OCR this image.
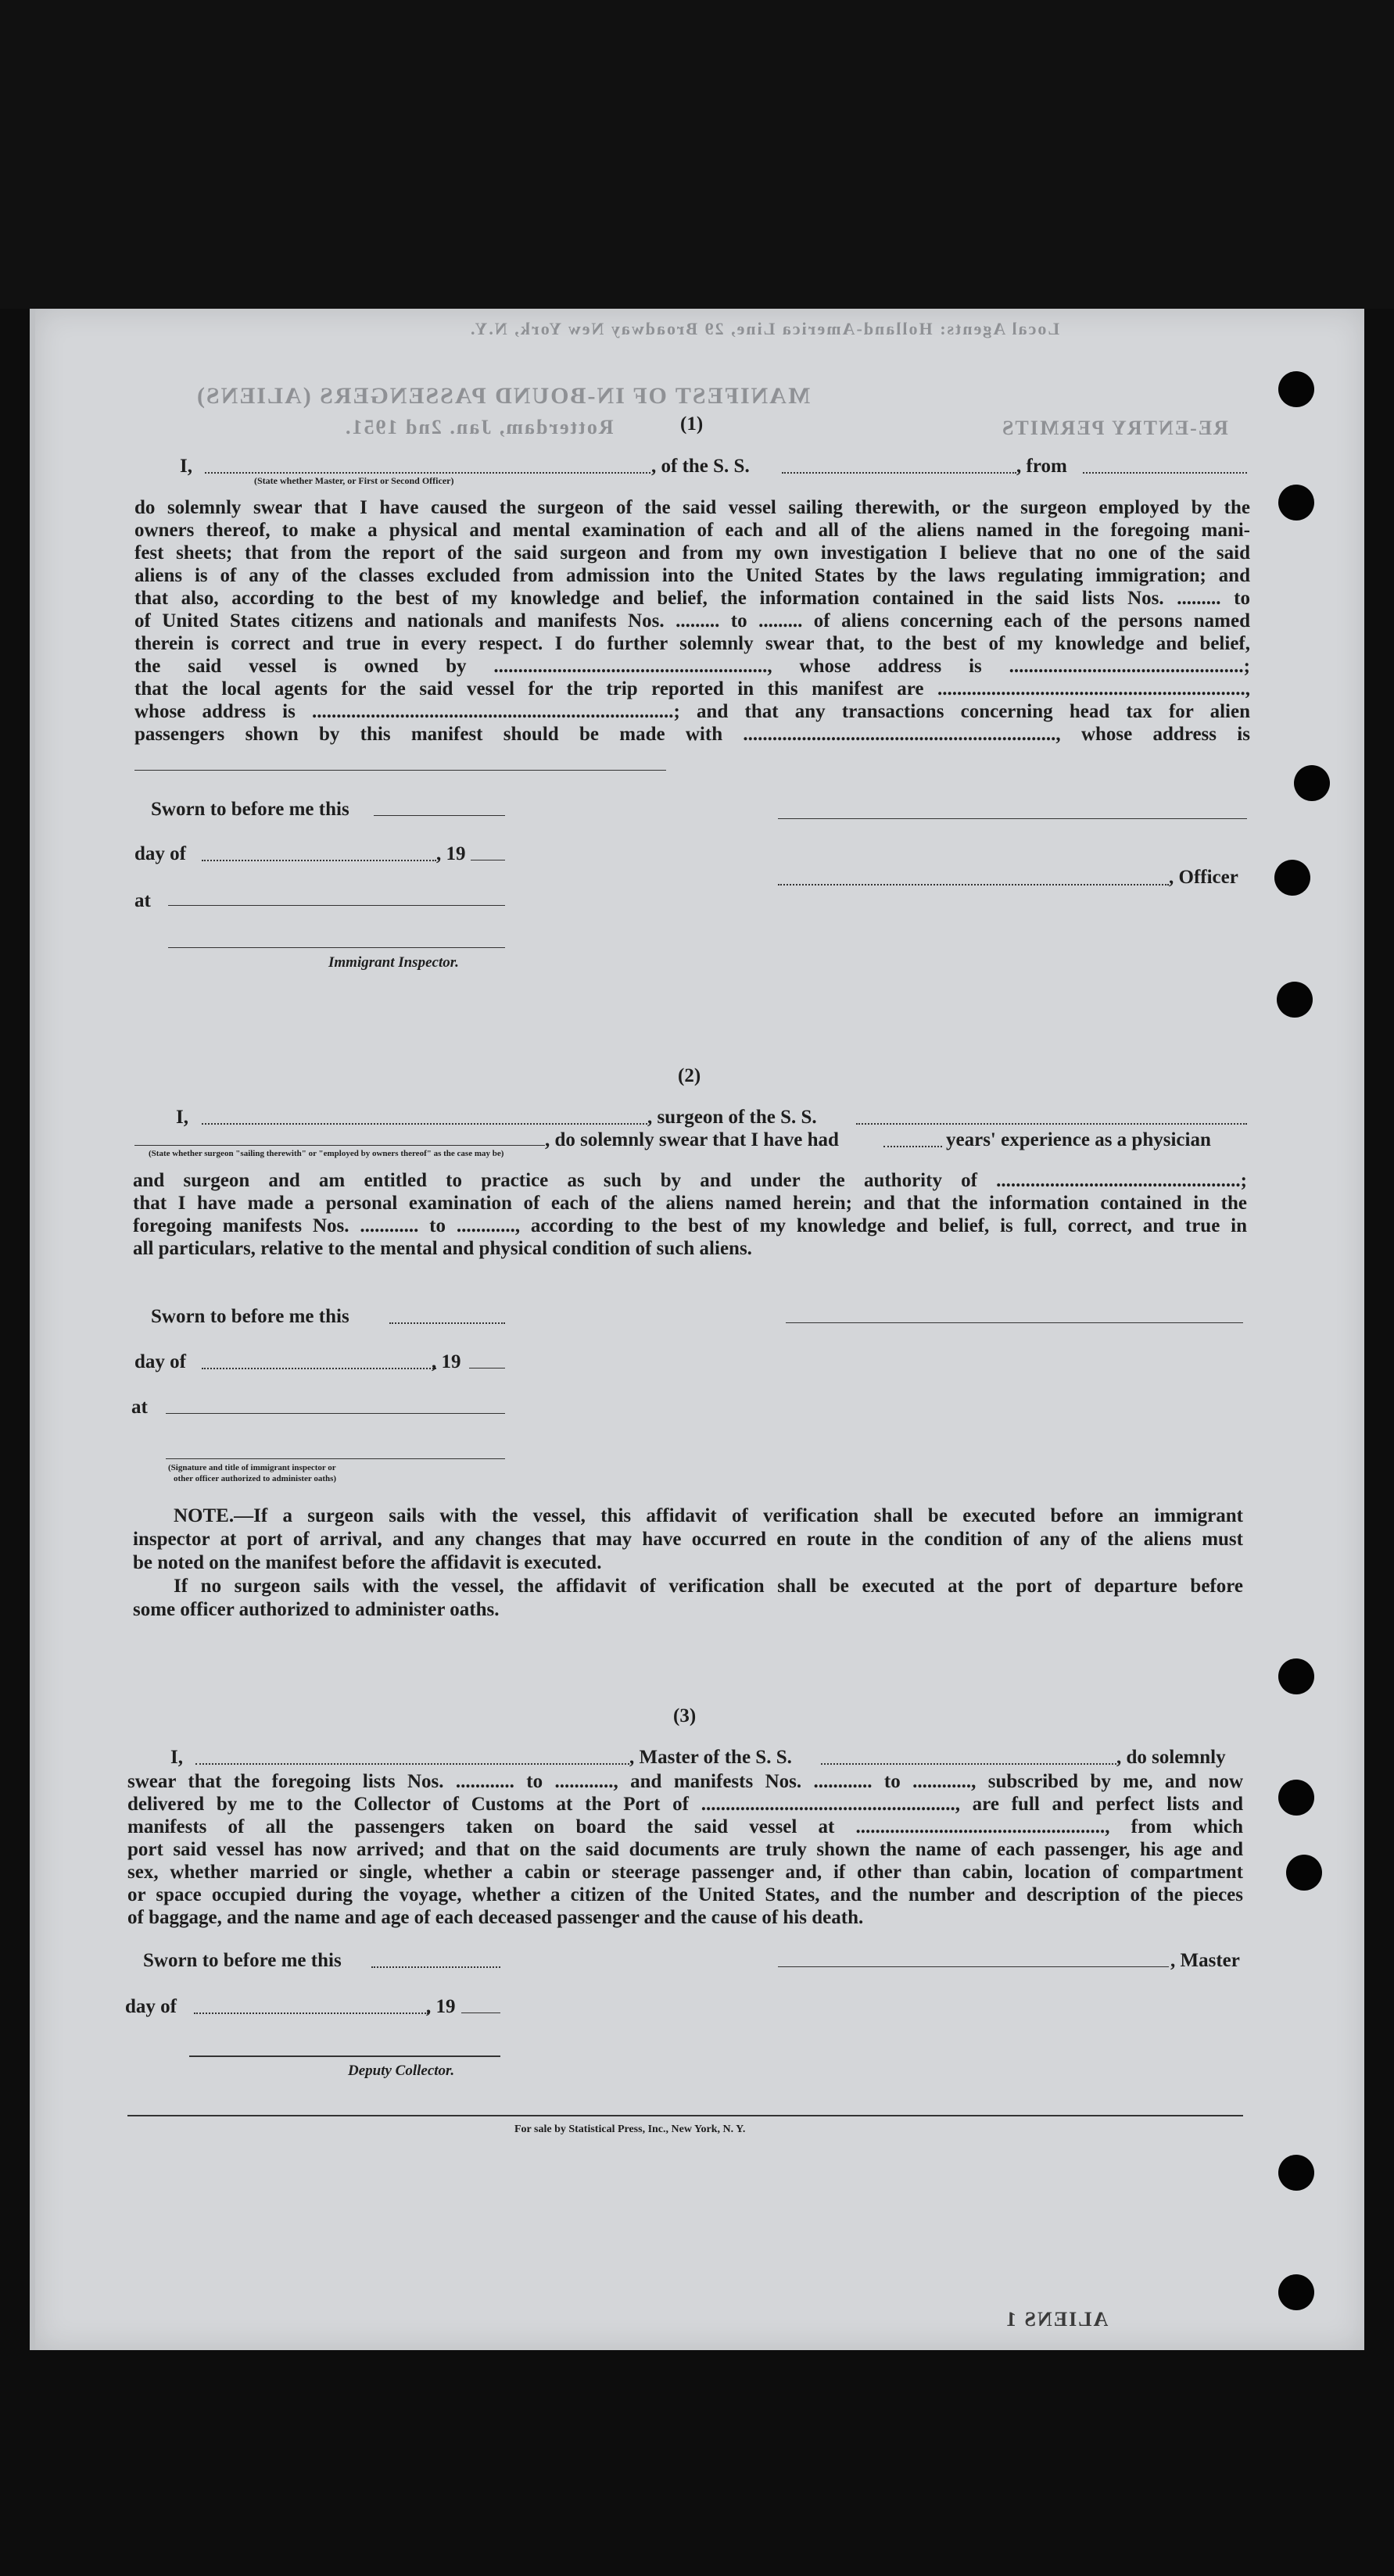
Local Agents: Holland-America Line, 29 Broadway New York, N.Y.
MANIFEST OF IN-BOUND PASSENGERS (ALIENS)
Rotterdam, Jan. 2nd 1951.	RE-ENTRY PERMITS
(1)
I,	, of the S. S.	, from
(State whether Master, or First or Second Officer)
do solemnly swear that I have caused the surgeon of the said vessel sailing therewith, or the surgeon employed by the
owners thereof, to make a physical and mental examination of each and all of the aliens named in the foregoing mani-
fest sheets; that from the report of the said surgeon and from my own investigation I believe that no one of the said
aliens is of any of the classes excluded from admission into the United States by the laws regulating immigration; and
that also, according to the best of my knowledge and belief, the information contained in the said lists Nos. ......... to
of United States citizens and nationals and manifests Nos. ......... to ......... of aliens concerning each of the persons named
therein is correct and true in every respect. I do further solemnly swear that, to the best of my knowledge and belief,
the said vessel is owned by ........................................................, whose address is ................................................;
that the local agents for the said vessel for the trip reported in this manifest are ...............................................................,
whose address is ..........................................................................; and that any transactions concerning head tax for alien
passengers shown by this manifest should be made with ................................................................, whose address is
Sworn to before me this
day of	, 19
, Officer
at
Immigrant Inspector.
(2)
I,	, surgeon of the S. S.
, do solemnly swear that I have had	years' experience as a physician
(State whether surgeon "sailing therewith" or "employed by owners thereof" as the case may be)
and surgeon and am entitled to practice as such by and under the authority of ..................................................;
that I have made a personal examination of each of the aliens named herein; and that the information contained in the
foregoing manifests Nos. ............ to ............, according to the best of my knowledge and belief, is full, correct, and true in
all particulars, relative to the mental and physical condition of such aliens.
Sworn to before me this
day of	, 19
at
(Signature and title of immigrant inspector or
other officer authorized to administer oaths)
NOTE.—If a surgeon sails with the vessel, this affidavit of verification shall be executed before an immigrant
inspector at port of arrival, and any changes that may have occurred en route in the condition of any of the aliens must
be noted on the manifest before the affidavit is executed.
If no surgeon sails with the vessel, the affidavit of verification shall be executed at the port of departure before
some officer authorized to administer oaths.
(3)
I,	, Master of the S. S.	, do solemnly
swear that the foregoing lists Nos. ............ to ............, and manifests Nos. ............ to ............, subscribed by me, and now
delivered by me to the Collector of Customs at the Port of ...................................................., are full and perfect lists and
manifests of all the passengers taken on board the said vessel at ..................................................., from which
port said vessel has now arrived; and that on the said documents are truly shown the name of each passenger, his age and
sex, whether married or single, whether a cabin or steerage passenger and, if other than cabin, location of compartment
or space occupied during the voyage, whether a citizen of the United States, and the number and description of the pieces
of baggage, and the name and age of each deceased passenger and the cause of his death.
Sworn to before me this	, Master
day of	, 19
Deputy Collector.
For sale by Statistical Press, Inc., New York, N. Y.
ALIENS 1
